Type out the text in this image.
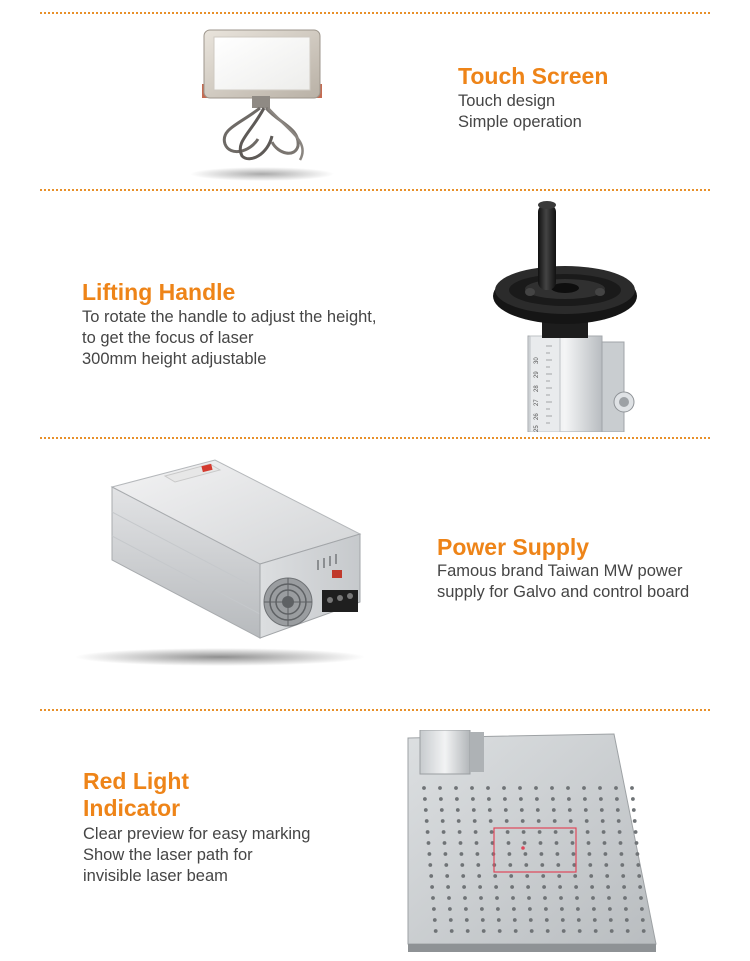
Touch Screen
Touch design
Simple operation
Lifting Handle
To rotate the handle to adjust the height,
to get the focus of laser
300mm height adjustable	30
29
28
27
26
25
Power Supply
Famous brand Taiwan MW power
supply for Galvo and control board
Red Light
Indicator
Clear preview for easy marking
Show the laser path for
invisible laser beam
